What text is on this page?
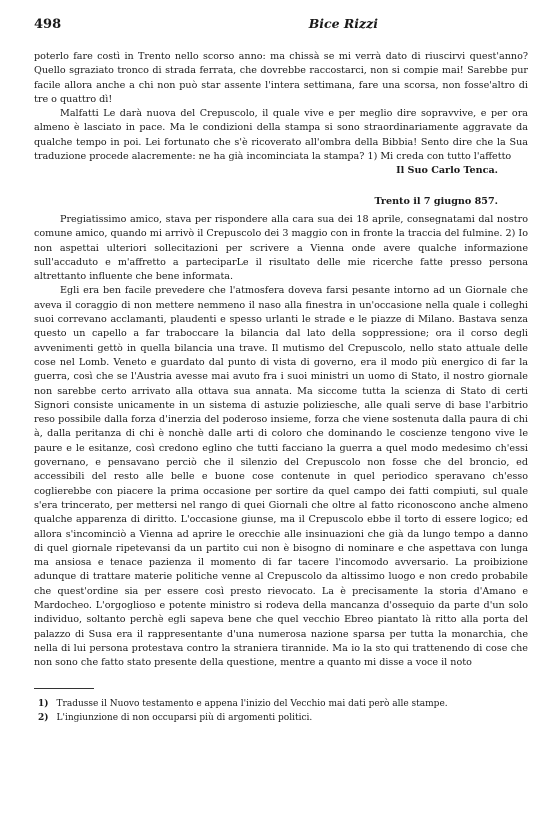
498	Bice Rizzi

poterlo fare costì in Trento nello scorso anno: ma chissà se mi verrà dato di riuscirvi quest'anno? Quello sgraziato tronco di strada ferrata, che dovrebbe raccostarci, non si compie mai! Sarebbe pur facile allora anche a chi non può star assente l'intera settimana, fare una scorsa, non fosse'altro di tre o quattro dì!

Malfatti Le darà nuova del Crepuscolo, il quale vive e per meglio dire sopravvive, e per ora almeno è lasciato in pace. Ma le condizioni della stampa si sono straordinariamente aggravate da qualche tempo in poi. Lei fortunato che s'è ricoverato all'ombra della Bibbia! Sento dire che la Sua traduzione procede alacremente: ne ha già incominciata la stampa? 1) Mi creda con tutto l'affetto

Il Suo Carlo Tenca.
Trento il 7 giugno 857.

Pregiatissimo amico, stava per rispondere alla cara sua dei 18 aprile, consegnatami dal nostro comune amico, quando mi arrivò il Crepuscolo dei 3 maggio con in fronte la traccia del fulmine. 2) Io non aspettai ulteriori sollecitazioni per scrivere a Vienna onde avere qualche informazione sull'accaduto e m'affretto a parteciparLe il risultato delle mie ricerche fatte presso persona altrettanto influente che bene informata.

Egli era ben facile prevedere che l'atmosfera doveva farsi pesante intorno ad un Giornale che aveva il coraggio di non mettere nemmeno il naso alla finestra in un'occasione nella quale i colleghi suoi correvano acclamanti, plaudenti e spesso urlanti le strade e le piazze di Milano. Bastava senza questo un capello a far traboccare la bilancia dal lato della soppressione; ora il corso degli avvenimenti gettò in quella bilancia una trave. Il mutismo del Crepuscolo, nello stato attuale delle cose nel Lomb. Veneto e guardato dal punto di vista di governo, era il modo più energico di far la guerra, così che se l'Austria avesse mai avuto fra i suoi ministri un uomo di Stato, il nostro giornale non sarebbe certo arrivato alla ottava sua annata. Ma siccome tutta la scienza di Stato di certi Signori consiste unicamente in un sistema di astuzie poliziesche, alle quali serve di base l'arbitrio reso possibile dalla forza d'inerzia del poderoso insieme, forza che viene sostenuta dalla paura di chi à, dalla peritanza di chi è nonchè dalle arti di coloro che dominando le coscienze tengono vive le paure e le esitanze, così credono eglino che tutti facciano la guerra a quel modo medesimo ch'essi governano, e pensavano perciò che il silenzio del Crepuscolo non fosse che del broncio, ed accessibili del resto alle belle e buone cose contenute in quel periodico speravano ch'esso coglierebbe con piacere la prima occasione per sortire da quel campo dei fatti compiuti, sul quale s'era trincerato, per mettersi nel rango di quei Giornali che oltre al fatto riconoscono anche almeno qualche apparenza di diritto. L'occasione giunse, ma il Crepuscolo ebbe il torto di essere logico; ed allora s'incominciò a Vienna ad aprire le orecchie alle insinuazioni che già da lungo tempo a danno di quel giornale ripetevansi da un partito cui non è bisogno di nominare e che aspettava con lunga ma ansiosa e tenace pazienza il momento di far tacere l'incomodo avversario. La proibizione adunque di trattare materie politiche venne al Crepuscolo da altissimo luogo e non credo probabile che quest'ordine sia per essere così presto rievocato. La è precisamente la storia d'Amano e Mardocheo. L'orgoglioso e potente ministro si rodeva della mancanza d'ossequio da parte d'un solo individuo, soltanto perchè egli sapeva bene che quel vecchio Ebreo piantato là ritto alla porta del palazzo di Susa era il rappresentante d'una numerosa nazione sparsa per tutta la monarchia, che nella di lui persona protestava contro la straniera tirannide. Ma io la sto qui trattenendo di cose che non sono che fatto stato presente della questione, mentre a quanto mi disse a voce il noto

1) Tradusse il Nuovo testamento e appena l'inizio del Vecchio mai dati però alle stampe.
2) L'ingiunzione di non occuparsi più di argomenti politici.
